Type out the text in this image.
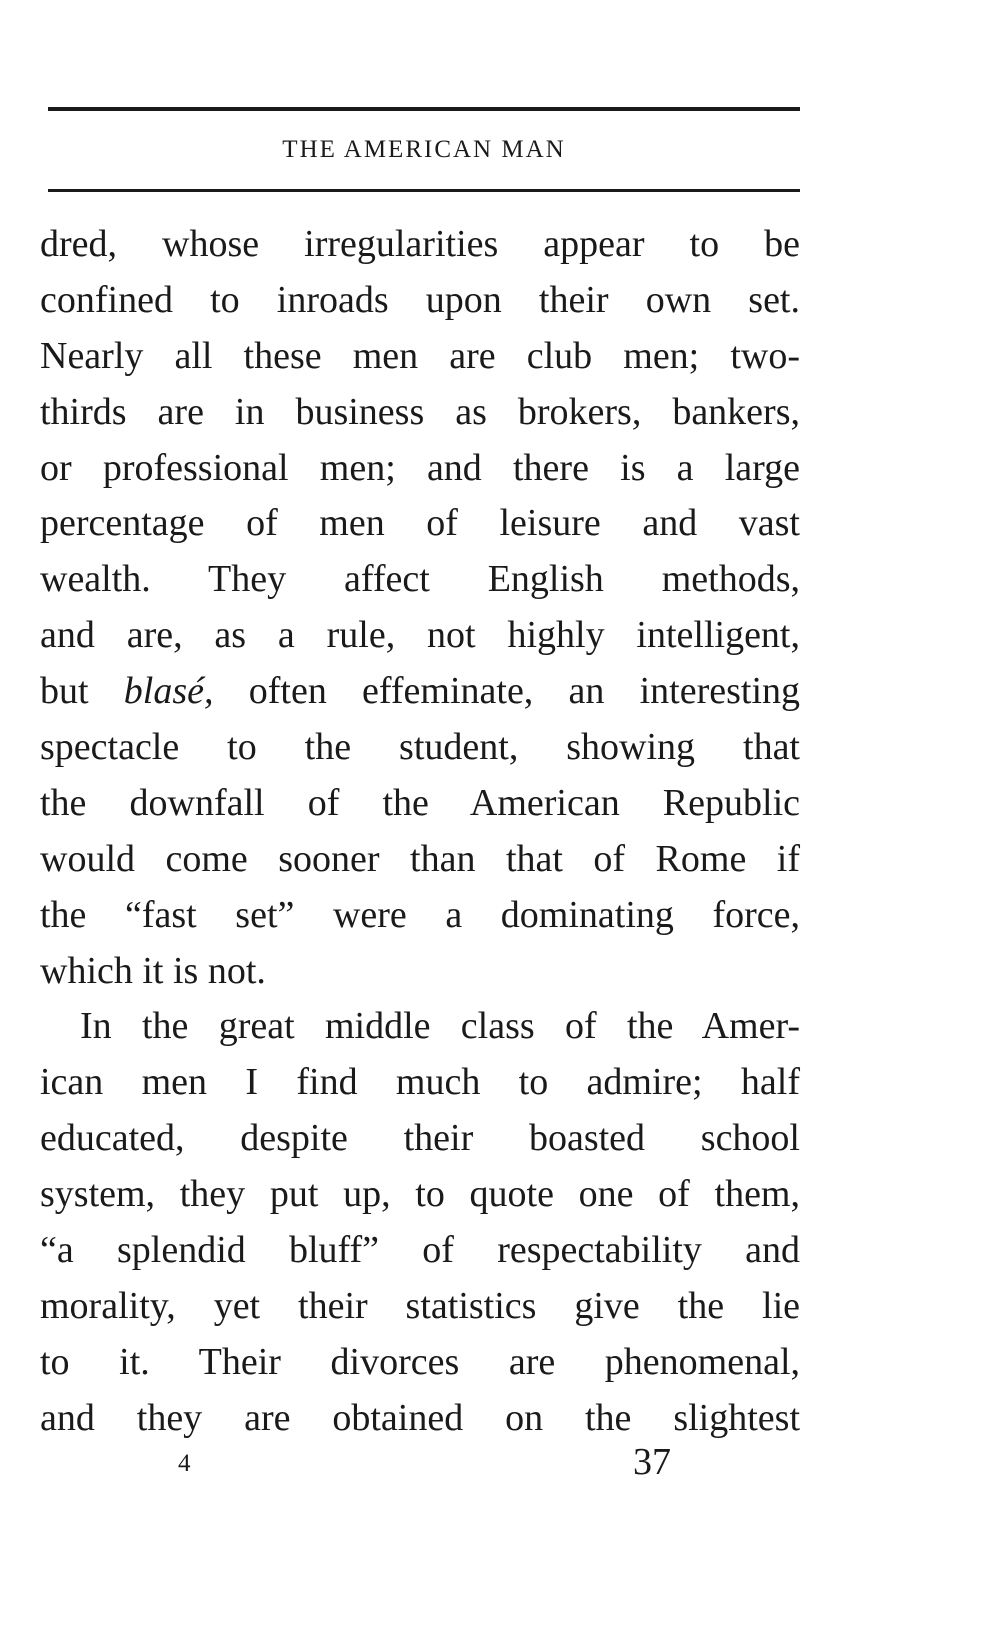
THE AMERICAN MAN
dred, whose irregularities appear to be
confined to inroads upon their own set.
Nearly all these men are club men; two-
thirds are in business as brokers, bankers,
or professional men; and there is a large
percentage of men of leisure and vast
wealth. They affect English methods,
and are, as a rule, not highly intelligent,
but blasé, often effeminate, an interesting
spectacle to the student, showing that
the downfall of the American Republic
would come sooner than that of Rome if
the “fast set” were a dominating force,
which it is not.
In the great middle class of the Amer-
ican men I find much to admire; half
educated, despite their boasted school
system, they put up, to quote one of them,
“a splendid bluff” of respectability and
morality, yet their statistics give the lie
to it. Their divorces are phenomenal,
and they are obtained on the slightest
4	37
